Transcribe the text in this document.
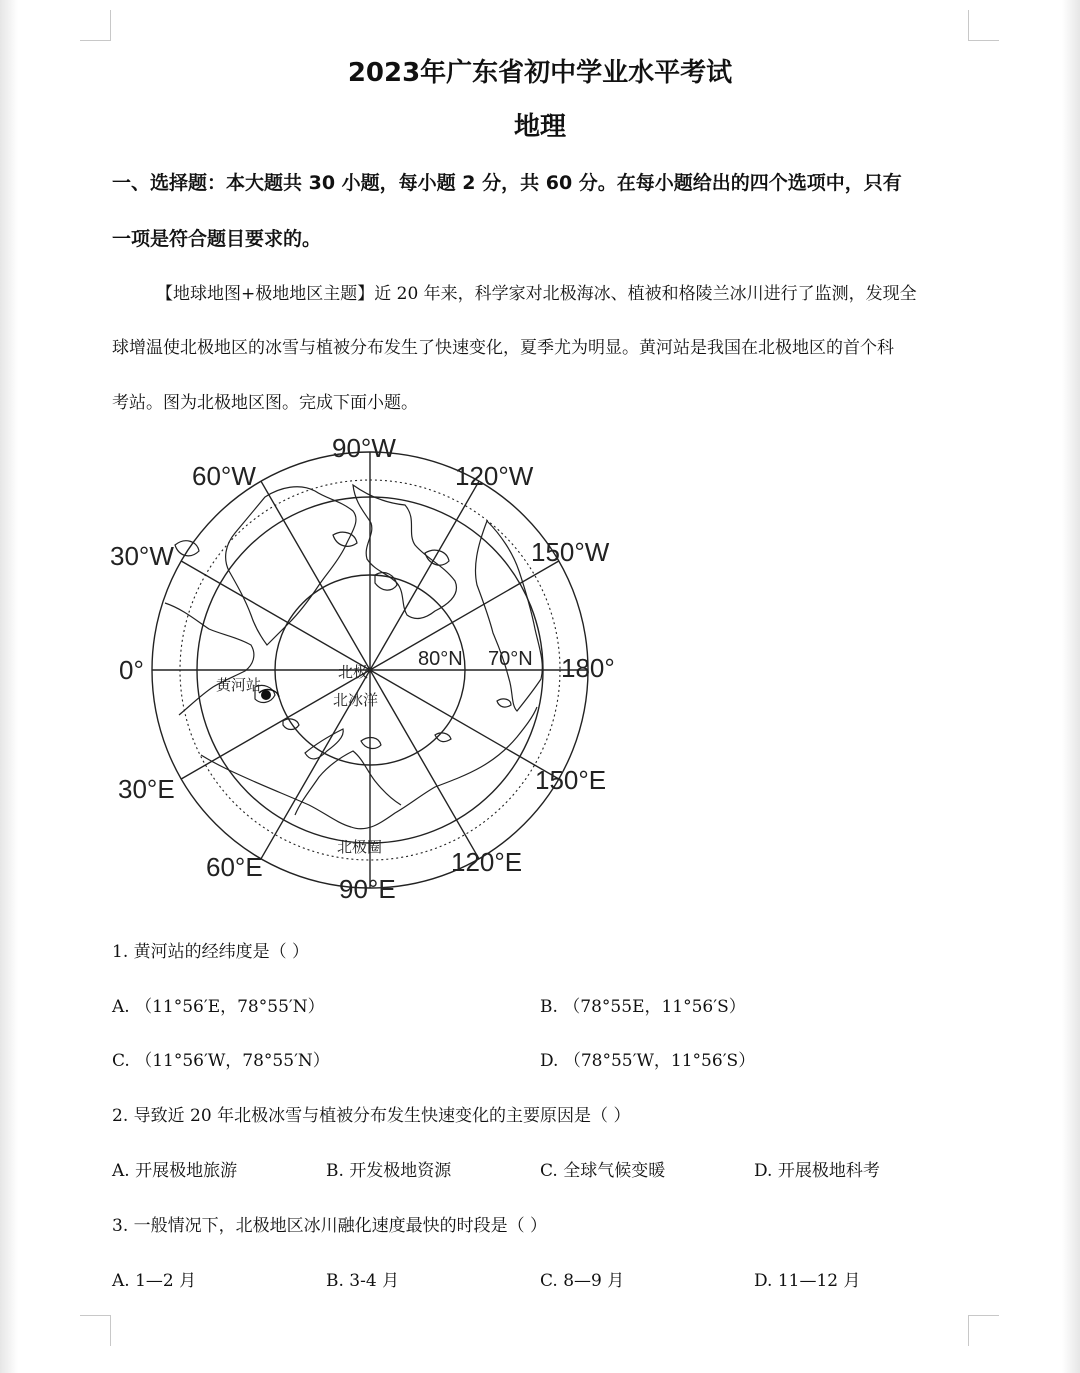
2023年广东省初中学业水平考试
地理
一、选择题：本大题共 30 小题，每小题 2 分，共 60 分。在每小题给出的四个选项中，只有
一项是符合题目要求的。
【地球地图+极地地区主题】近 20 年来，科学家对北极海冰、植被和格陵兰冰川进行了监测，发现全
球增温使北极地区的冰雪与植被分布发生了快速变化，夏季尤为明显。黄河站是我国在北极地区的首个科
考站。图为北极地区图。完成下面小题。
90°W
60°W	120°W
30°W	150°W
0°	180°
30°E	150°E
60°E	120°E
90°E
80°N 70°N
北极
北冰洋
黄河站
北极圈
1. 黄河站的经纬度是（ ）
A. （11°56′E，78°55′N）	B. （78°55E，11°56′S）
C. （11°56′W，78°55′N）	D. （78°55′W，11°56′S）
2. 导致近 20 年北极冰雪与植被分布发生快速变化的主要原因是（ ）
A. 开展极地旅游	B. 开发极地资源	C. 全球气候变暖	D. 开展极地科考
3. 一般情况下，北极地区冰川融化速度最快的时段是（ ）
A. 1—2 月	B. 3-4 月	C. 8—9 月	D. 11—12 月
